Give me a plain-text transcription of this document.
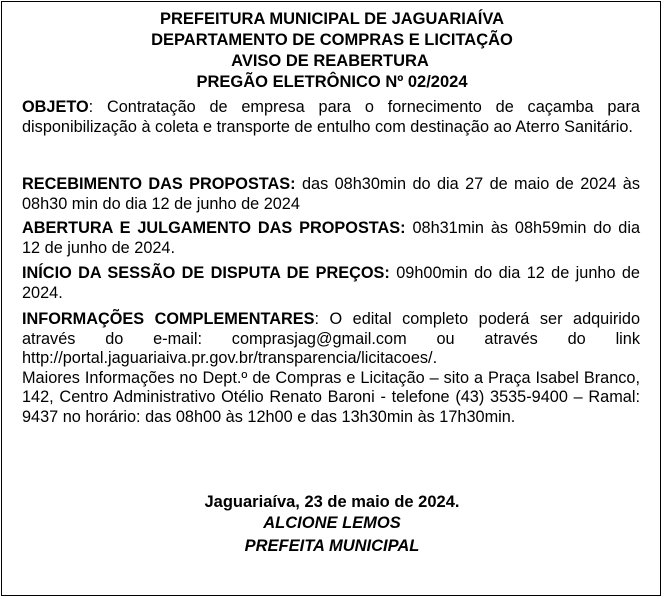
PREFEITURA MUNICIPAL DE JAGUARIAÍVA
DEPARTAMENTO DE COMPRAS E LICITAÇÃO
AVISO DE REABERTURA
PREGÃO ELETRÔNICO Nº 02/2024

OBJETO: Contratação de empresa para o fornecimento de caçamba para disponibilização à coleta e transporte de entulho com destinação ao Aterro Sanitário.

RECEBIMENTO DAS PROPOSTAS: das 08h30min do dia 27 de maio de 2024 às 08h30 min do dia 12 de junho de 2024

ABERTURA E JULGAMENTO DAS PROPOSTAS: 08h31min às 08h59min do dia 12 de junho de 2024.

INÍCIO DA SESSÃO DE DISPUTA DE PREÇOS: 09h00min do dia 12 de junho de 2024.

INFORMAÇÕES COMPLEMENTARES: O edital completo poderá ser adquirido através do e-mail: comprasjag@gmail.com ou através do link http://portal.jaguariaiva.pr.gov.br/transparencia/licitacoes/.

Maiores Informações no Dept.º de Compras e Licitação – sito a Praça Isabel Branco, 142, Centro Administrativo Otélio Renato Baroni - telefone (43) 3535-9400 – Ramal: 9437 no horário: das 08h00 às 12h00 e das 13h30min às 17h30min.

Jaguariaíva, 23 de maio de 2024.
ALCIONE LEMOS
PREFEITA MUNICIPAL
